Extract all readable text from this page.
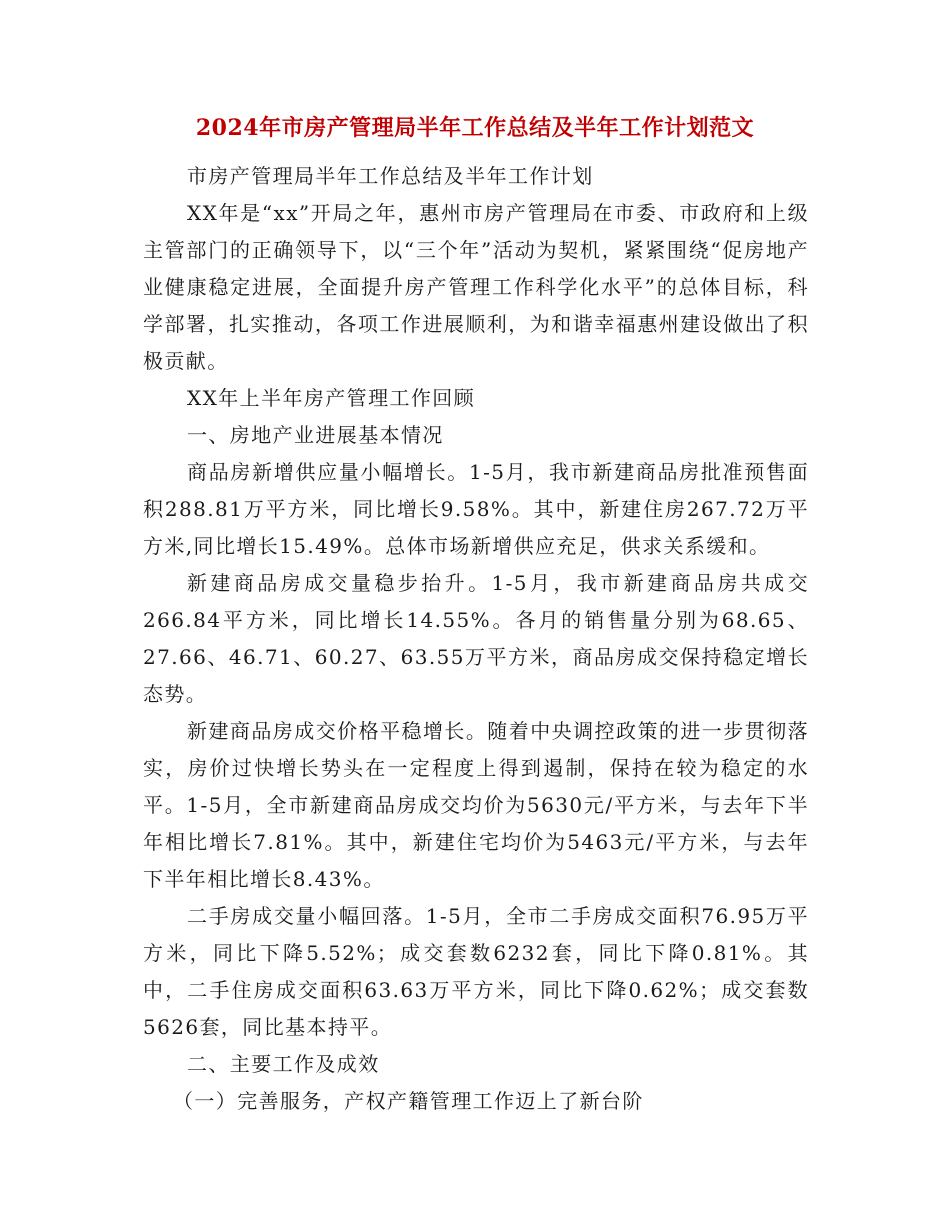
2024年市房产管理局半年工作总结及半年工作计划范文

市房产管理局半年工作总结及半年工作计划

XX年是“xx”开局之年，惠州市房产管理局在市委、市政府和上级主管部门的正确领导下，以“三个年”活动为契机，紧紧围绕“促房地产业健康稳定进展，全面提升房产管理工作科学化水平”的总体目标，科学部署，扎实推动，各项工作进展顺利，为和谐幸福惠州建设做出了积极贡献。

XX年上半年房产管理工作回顾

一、房地产业进展基本情况

商品房新增供应量小幅增长。1-5月，我市新建商品房批准预售面积288.81万平方米，同比增长9.58%。其中，新建住房267.72万平方米,同比增长15.49%。总体市场新增供应充足，供求关系缓和。

新建商品房成交量稳步抬升。1-5月，我市新建商品房共成交266.84平方米，同比增长14.55%。各月的销售量分别为68.65、27.66、46.71、60.27、63.55万平方米，商品房成交保持稳定增长态势。

新建商品房成交价格平稳增长。随着中央调控政策的进一步贯彻落实，房价过快增长势头在一定程度上得到遏制，保持在较为稳定的水平。1-5月，全市新建商品房成交均价为5630元/平方米，与去年下半年相比增长7.81%。其中，新建住宅均价为5463元/平方米，与去年下半年相比增长8.43%。

二手房成交量小幅回落。1-5月，全市二手房成交面积76.95万平方米，同比下降5.52%；成交套数6232套，同比下降0.81%。其中，二手住房成交面积63.63万平方米，同比下降0.62%；成交套数5626套，同比基本持平。

二、主要工作及成效

（一）完善服务，产权产籍管理工作迈上了新台阶
